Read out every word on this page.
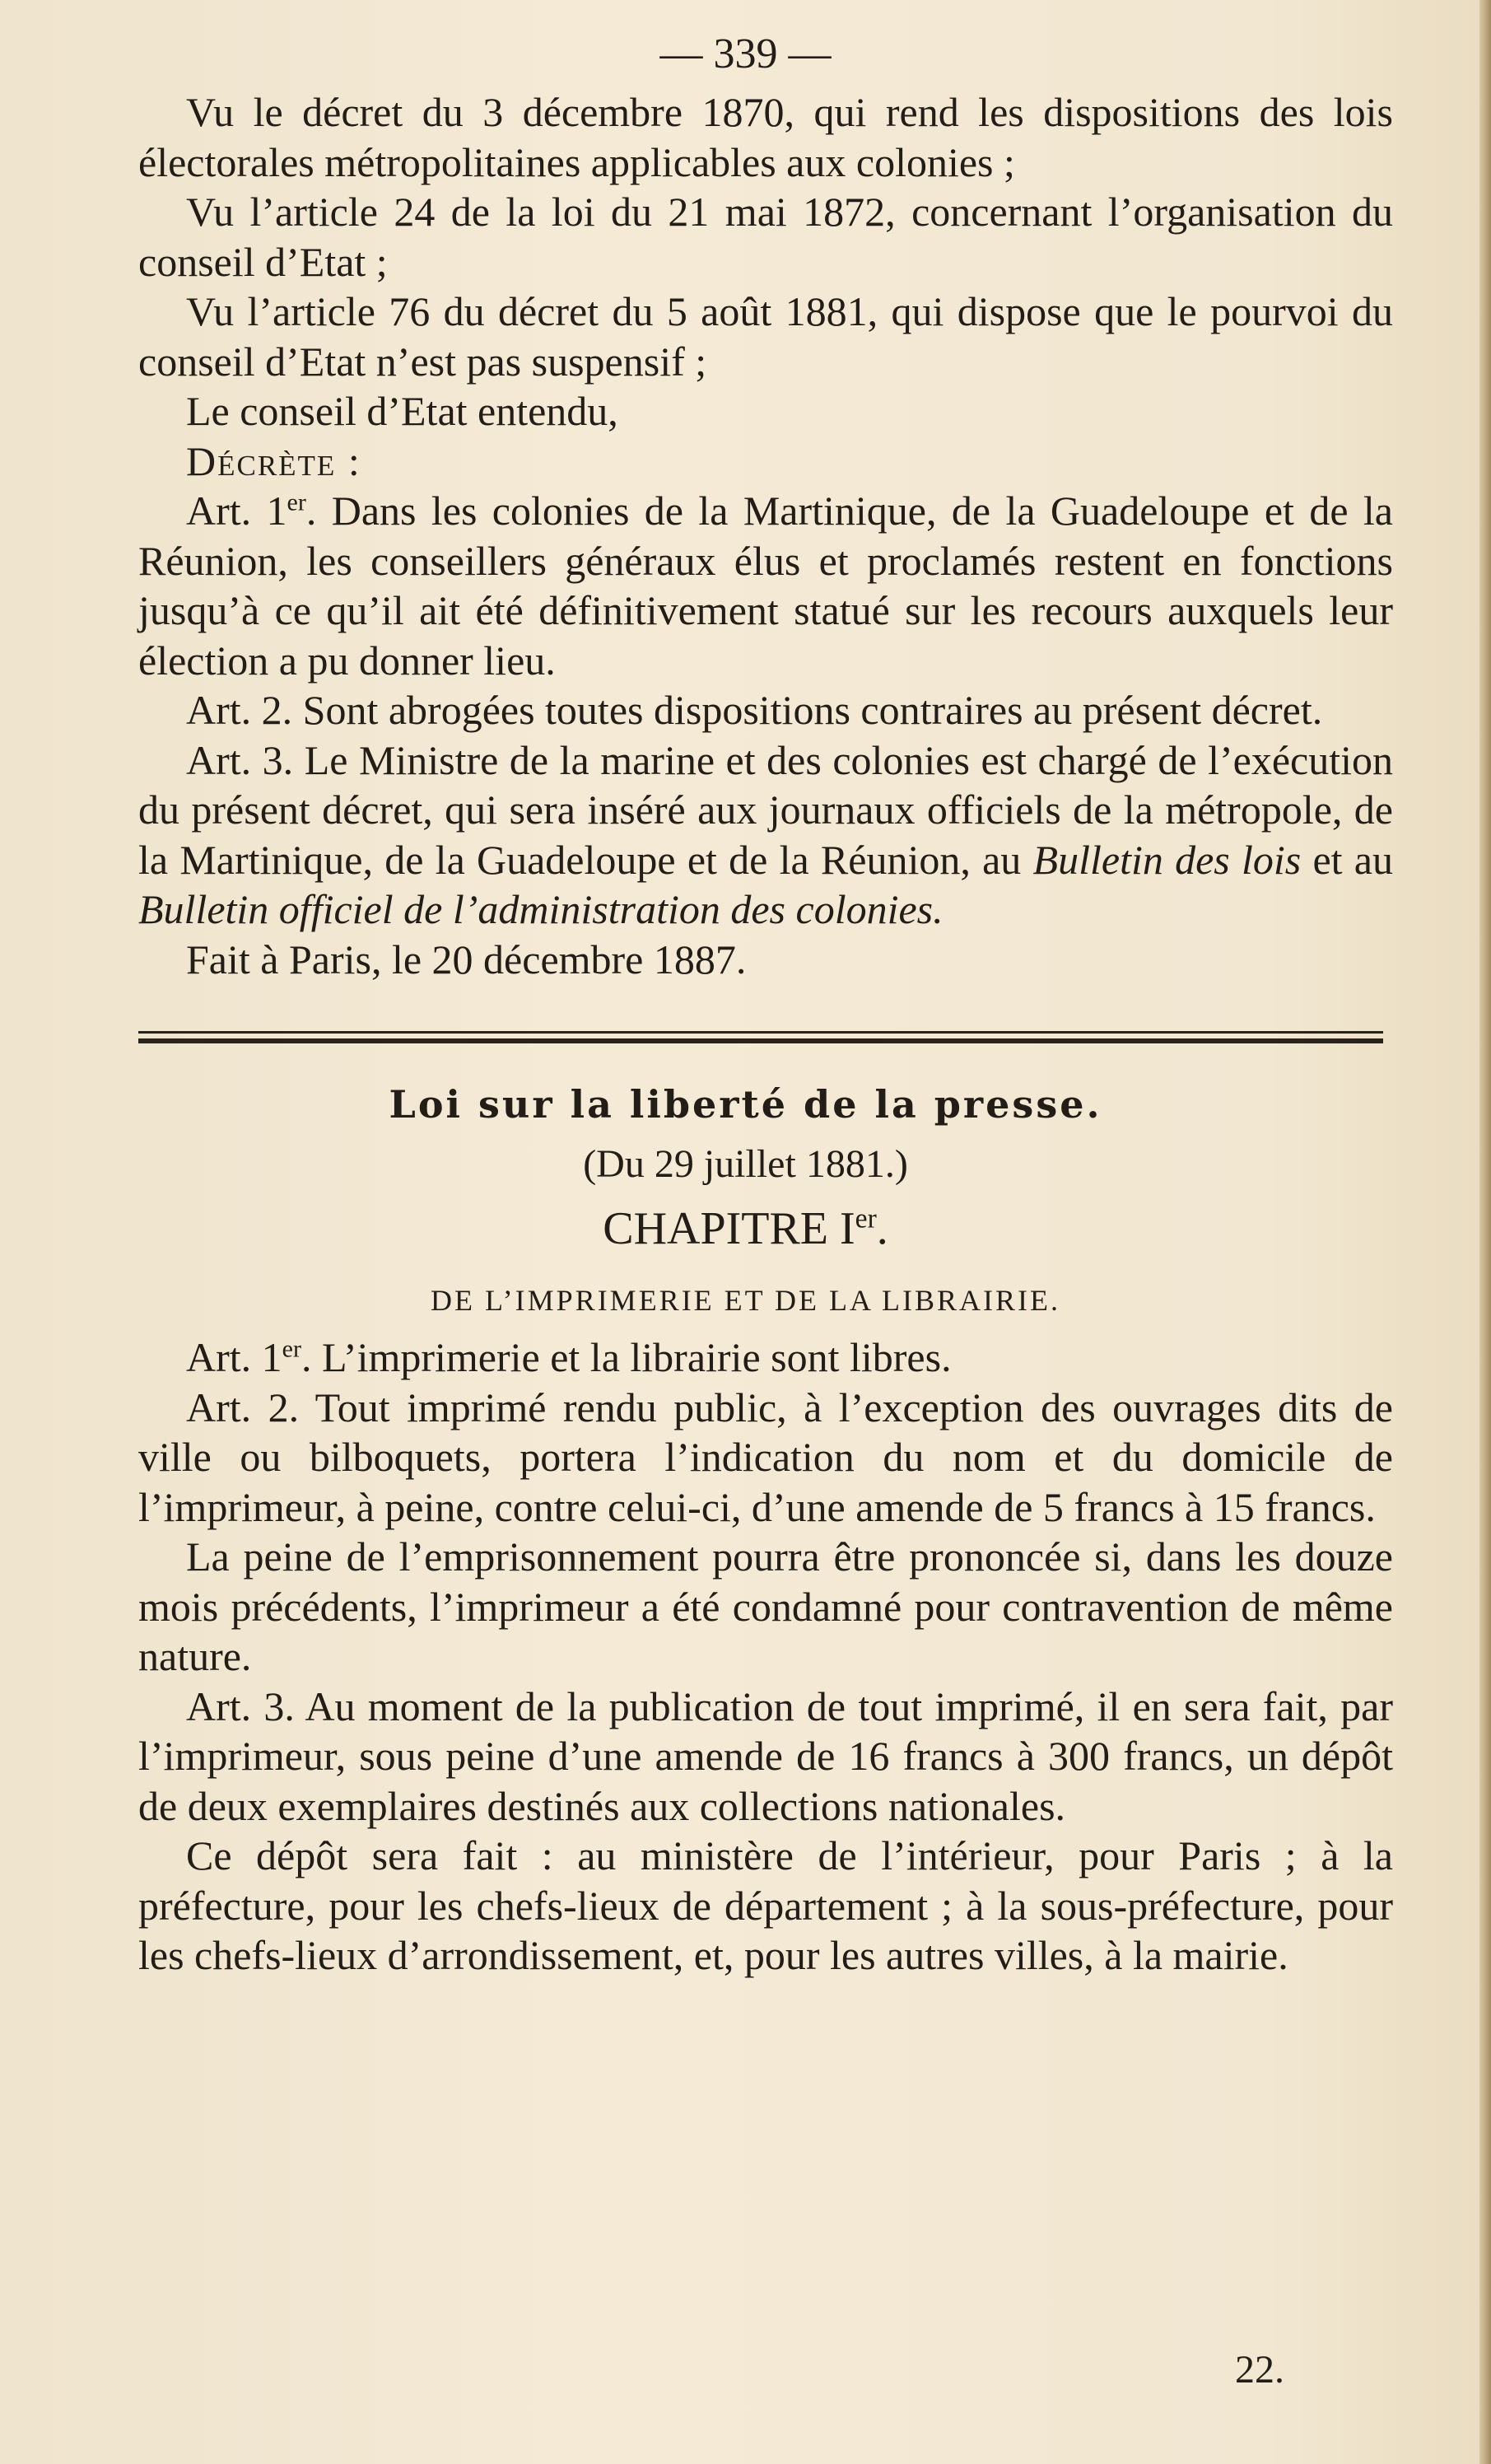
— 339 —

Vu le décret du 3 décembre 1870, qui rend les dispositions des lois électorales métropolitaines applicables aux colonies ;

Vu l’article 24 de la loi du 21 mai 1872, concernant l’organisation du conseil d’Etat ;

Vu l’article 76 du décret du 5 août 1881, qui dispose que le pourvoi du conseil d’Etat n’est pas suspensif ;

Le conseil d’Etat entendu,

Décrète :

Art. 1er. Dans les colonies de la Martinique, de la Guadeloupe et de la Réunion, les conseillers généraux élus et proclamés restent en fonctions jusqu’à ce qu’il ait été définitivement statué sur les recours auxquels leur élection a pu donner lieu.

Art. 2. Sont abrogées toutes dispositions contraires au présent décret.

Art. 3. Le Ministre de la marine et des colonies est chargé de l’exécution du présent décret, qui sera inséré aux journaux officiels de la métropole, de la Martinique, de la Guadeloupe et de la Réunion, au Bulletin des lois et au Bulletin officiel de l’administration des colonies.

Fait à Paris, le 20 décembre 1887.

Loi sur la liberté de la presse.
(Du 29 juillet 1881.)
CHAPITRE Ier.
DE L’IMPRIMERIE ET DE LA LIBRAIRIE.

Art. 1er. L’imprimerie et la librairie sont libres.

Art. 2. Tout imprimé rendu public, à l’exception des ouvrages dits de ville ou bilboquets, portera l’indication du nom et du domicile de l’imprimeur, à peine, contre celui-ci, d’une amende de 5 francs à 15 francs.

La peine de l’emprisonnement pourra être prononcée si, dans les douze mois précédents, l’imprimeur a été condamné pour contravention de même nature.

Art. 3. Au moment de la publication de tout imprimé, il en sera fait, par l’imprimeur, sous peine d’une amende de 16 francs à 300 francs, un dépôt de deux exemplaires destinés aux collections nationales.

Ce dépôt sera fait : au ministère de l’intérieur, pour Paris ; à la préfecture, pour les chefs-lieux de département ; à la sous-préfecture, pour les chefs-lieux d’arrondissement, et, pour les autres villes, à la mairie.

22.
